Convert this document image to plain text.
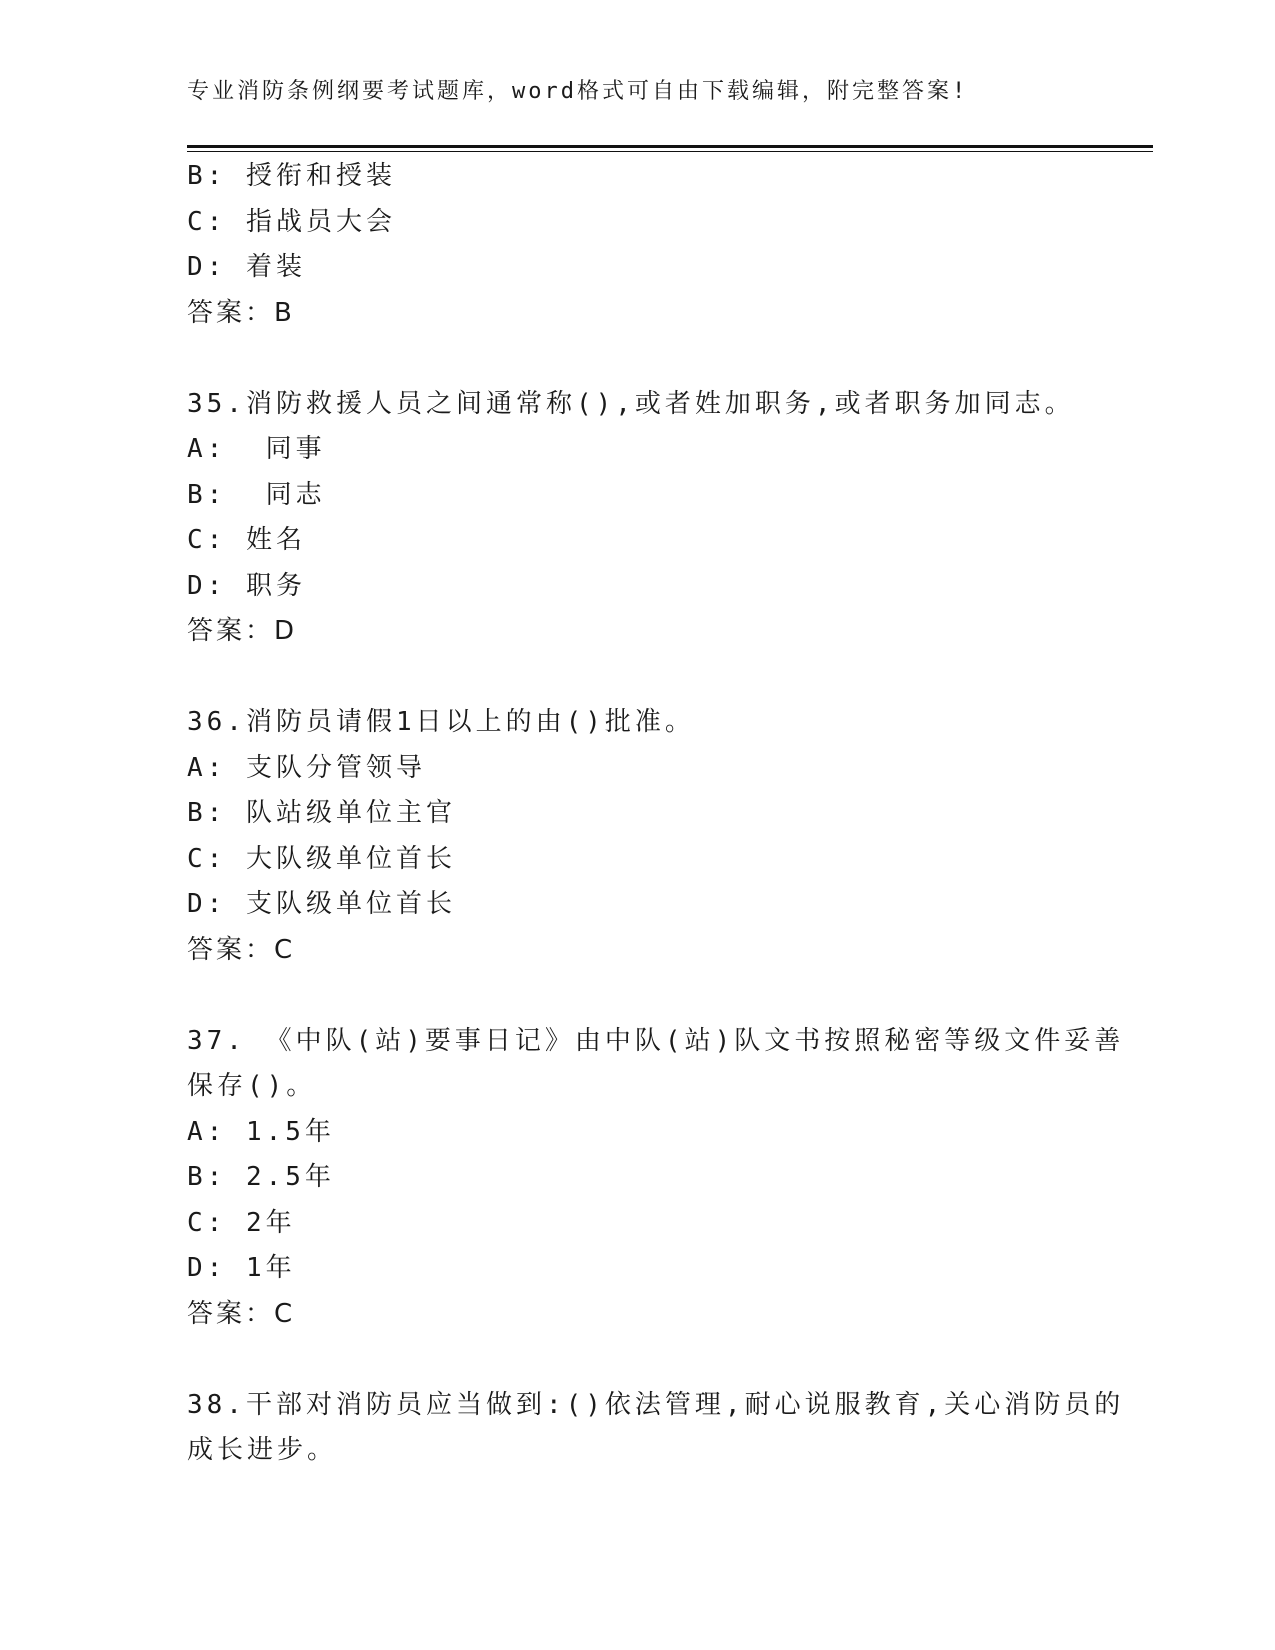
专业消防条例纲要考试题库，word格式可自由下载编辑，附完整答案!
B: 授衔和授装
C: 指战员大会
D: 着装
答案：B
35.消防救援人员之间通常称(),或者姓加职务,或者职务加同志。
A:  同事
B:  同志
C: 姓名
D: 职务
答案：D
36.消防员请假1日以上的由()批准。
A: 支队分管领导
B: 队站级单位主官
C: 大队级单位首长
D: 支队级单位首长
答案：C
37. 《中队(站)要事日记》由中队(站)队文书按照秘密等级文件妥善
保存()。
A: 1.5年
B: 2.5年
C: 2年
D: 1年
答案：C
38.干部对消防员应当做到:()依法管理,耐心说服教育,关心消防员的
成长进步。
